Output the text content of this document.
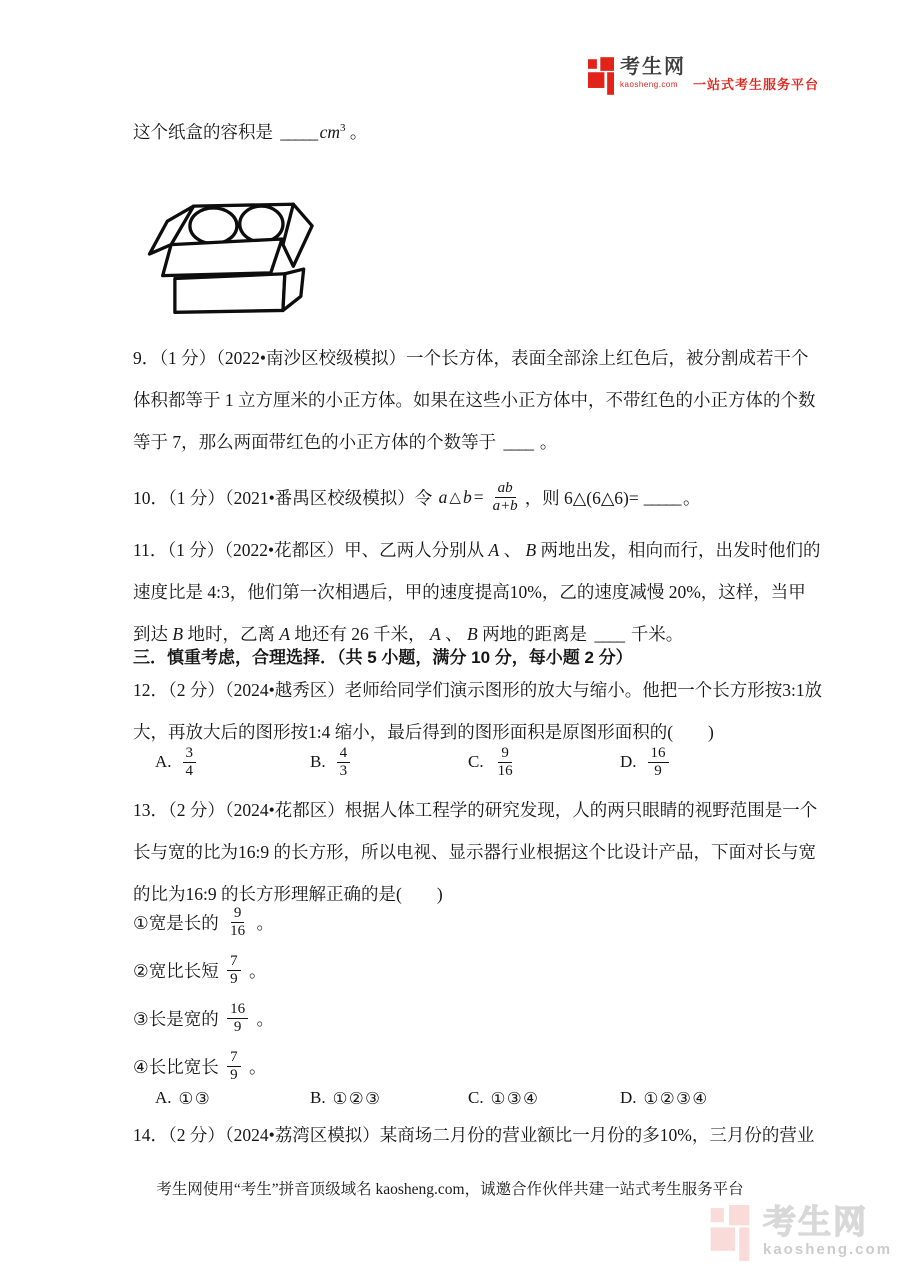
考生网
kaosheng.com	一站式考生服务平台
这个纸盒的容积是 _____ $cm^3$ 。
9．（1 分）（2022•南沙区校级模拟）一个长方体，表面全部涂上红色后，被分割成若干个
体积都等于 1 立方厘米的小正方体。如果在这些小正方体中，不带红色的小正方体的个数
等于 7，那么两面带红色的小正方体的个数等于 ____ 。
10．（1 分）（2021•番禺区校级模拟）令 a △ $b = \frac{ab}{a+b}$ ，则 6△(6△6)= _____ 。
11．（1 分）（2022•花都区）甲、乙两人分别从 A 、 B 两地出发，相向而行，出发时他们的
速度比是 4:3，他们第一次相遇后，甲的速度提高10%，乙的速度减慢 20%，这样，当甲
到达 B 地时，乙离 A 地还有 26 千米， A 、 B 两地的距离是 ____ 千米。
三．慎重考虑，合理选择．（共 5 小题，满分 10 分，每小题 2 分）
12．（2 分）（2024•越秀区）老师给同学们演示图形的放大与缩小。他把一个长方形按3:1放
大，再放大后的图形按1:4 缩小，最后得到的图形面积是原图形面积的(　　)
A. $\frac{3}{4}$	B. $\frac{4}{3}$	C. $\frac{9}{16}$	D. $\frac{16}{9}$
13．（2 分）（2024•花都区）根据人体工程学的研究发现，人的两只眼睛的视野范围是一个
长与宽的比为16:9 的长方形，所以电视、显示器行业根据这个比设计产品，下面对长与宽
的比为16:9 的长方形理解正确的是(　　)
①宽是长的 $\frac{9}{16}$ 。
②宽比长短 $\frac{7}{9}$ 。
③长是宽的 $\frac{16}{9}$ 。
④长比宽长 $\frac{7}{9}$ 。
A. ①③	B. ①②③	C. ①③④	D. ①②③④
14．（2 分）（2024•荔湾区模拟）某商场二月份的营业额比一月份的多10%，三月份的营业
考生网使用“考生”拼音顶级域名 kaosheng.com，诚邀合作伙伴共建一站式考生服务平台
考生网
kaosheng.com
